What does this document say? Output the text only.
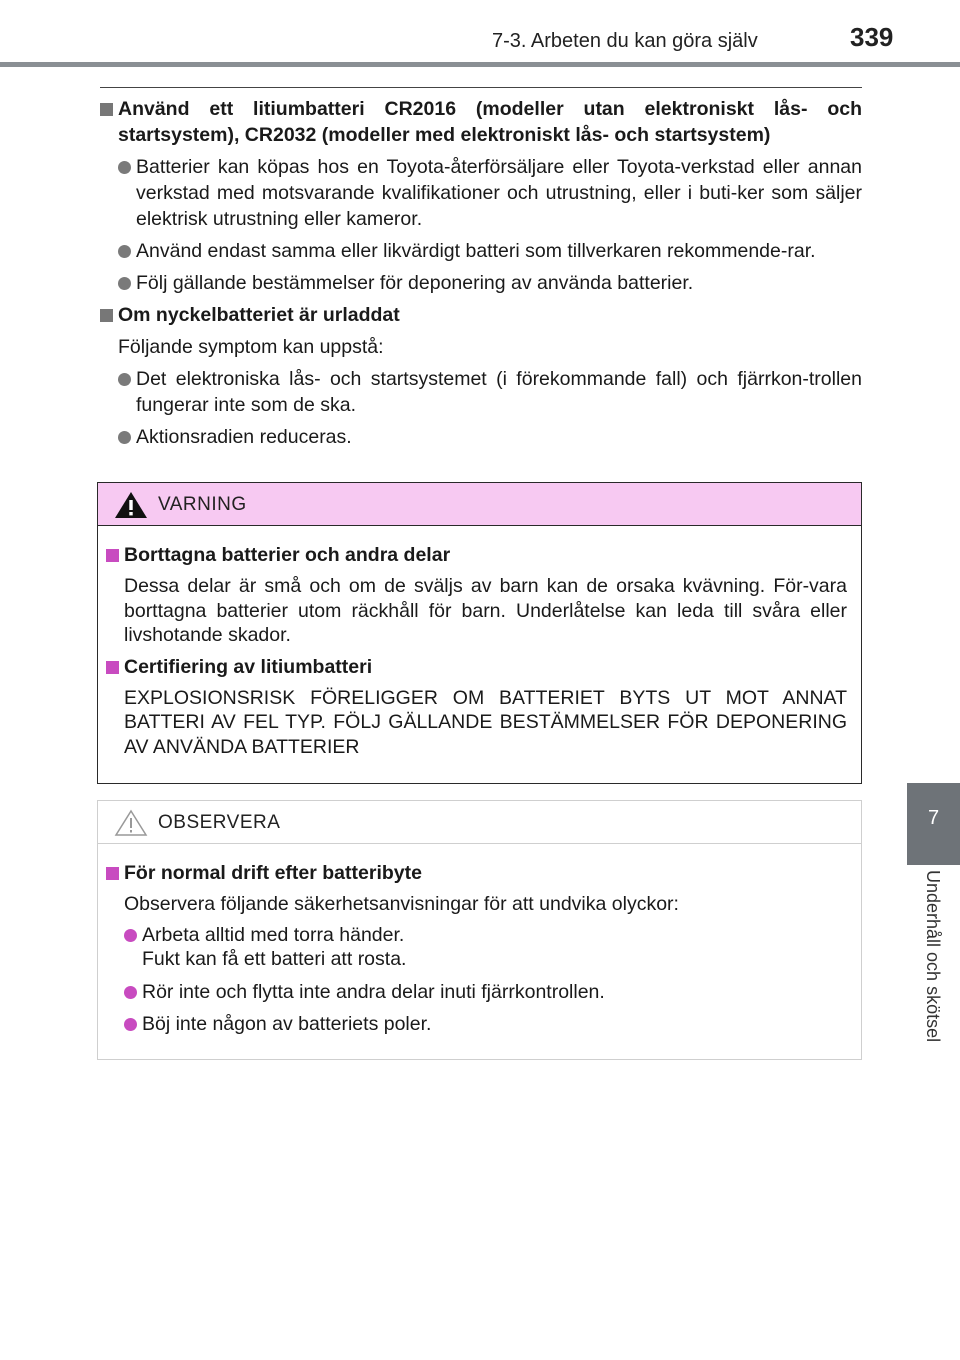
7-3. Arbeten du kan göra själv	339
7
Underhåll och skötsel
Använd ett litiumbatteri CR2016 (modeller utan elektroniskt lås- och startsystem), CR2032 (modeller med elektroniskt lås- och startsystem)
Batterier kan köpas hos en Toyota-återförsäljare eller Toyota-verkstad eller annan verkstad med motsvarande kvalifikationer och utrustning, eller i buti-ker som säljer elektrisk utrustning eller kameror.
Använd endast samma eller likvärdigt batteri som tillverkaren rekommende-rar.
Följ gällande bestämmelser för deponering av använda batterier.
Om nyckelbatteriet är urladdat
Följande symptom kan uppstå:
Det elektroniska lås- och startsystemet (i förekommande fall) och fjärrkon-trollen fungerar inte som de ska.
Aktionsradien reduceras.
VARNING
Borttagna batterier och andra delar
Dessa delar är små och om de sväljs av barn kan de orsaka kvävning. För-vara borttagna batterier utom räckhåll för barn. Underlåtelse kan leda till svåra eller livshotande skador.
Certifiering av litiumbatteri
EXPLOSIONSRISK FÖRELIGGER OM BATTERIET BYTS UT MOT ANNAT BATTERI AV FEL TYP. FÖLJ GÄLLANDE BESTÄMMELSER FÖR DEPONERING AV ANVÄNDA BATTERIER
OBSERVERA
För normal drift efter batteribyte
Observera följande säkerhetsanvisningar för att undvika olyckor:
Arbeta alltid med torra händer.
Fukt kan få ett batteri att rosta.
Rör inte och flytta inte andra delar inuti fjärrkontrollen.
Böj inte någon av batteriets poler.
